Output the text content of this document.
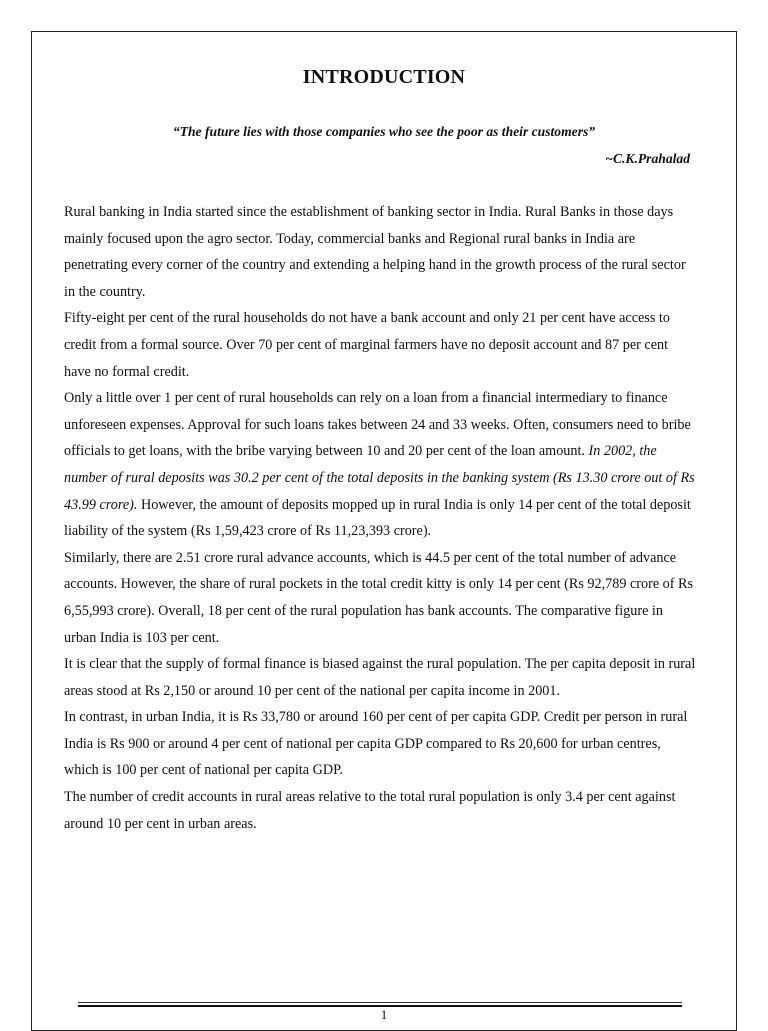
INTRODUCTION
“The future lies with those companies who see the poor as their customers”
~C.K.Prahalad

Rural banking in India started since the establishment of banking sector in India. Rural Banks in those days mainly focused upon the agro sector. Today, commercial banks and Regional rural banks in India are penetrating every corner of the country and extending a helping hand in the growth process of the rural sector in the country.

Fifty-eight per cent of the rural households do not have a bank account and only 21 per cent have access to credit from a formal source. Over 70 per cent of marginal farmers have no deposit account and 87 per cent have no formal credit.

Only a little over 1 per cent of rural households can rely on a loan from a financial intermediary to finance unforeseen expenses. Approval for such loans takes between 24 and 33 weeks. Often, consumers need to bribe officials to get loans, with the bribe varying between 10 and 20 per cent of the loan amount. In 2002, the number of rural deposits was 30.2 per cent of the total deposits in the banking system (Rs 13.30 crore out of Rs 43.99 crore). However, the amount of deposits mopped up in rural India is only 14 per cent of the total deposit liability of the system (Rs 1,59,423 crore of Rs 11,23,393 crore).

Similarly, there are 2.51 crore rural advance accounts, which is 44.5 per cent of the total number of advance accounts. However, the share of rural pockets in the total credit kitty is only 14 per cent (Rs 92,789 crore of Rs 6,55,993 crore). Overall, 18 per cent of the rural population has bank accounts. The comparative figure in urban India is 103 per cent.

It is clear that the supply of formal finance is biased against the rural population. The per capita deposit in rural areas stood at Rs 2,150 or around 10 per cent of the national per capita income in 2001.

In contrast, in urban India, it is Rs 33,780 or around 160 per cent of per capita GDP. Credit per person in rural India is Rs 900 or around 4 per cent of national per capita GDP compared to Rs 20,600 for urban centres, which is 100 per cent of national per capita GDP.

The number of credit accounts in rural areas relative to the total rural population is only 3.4 per cent against around 10 per cent in urban areas.

1
